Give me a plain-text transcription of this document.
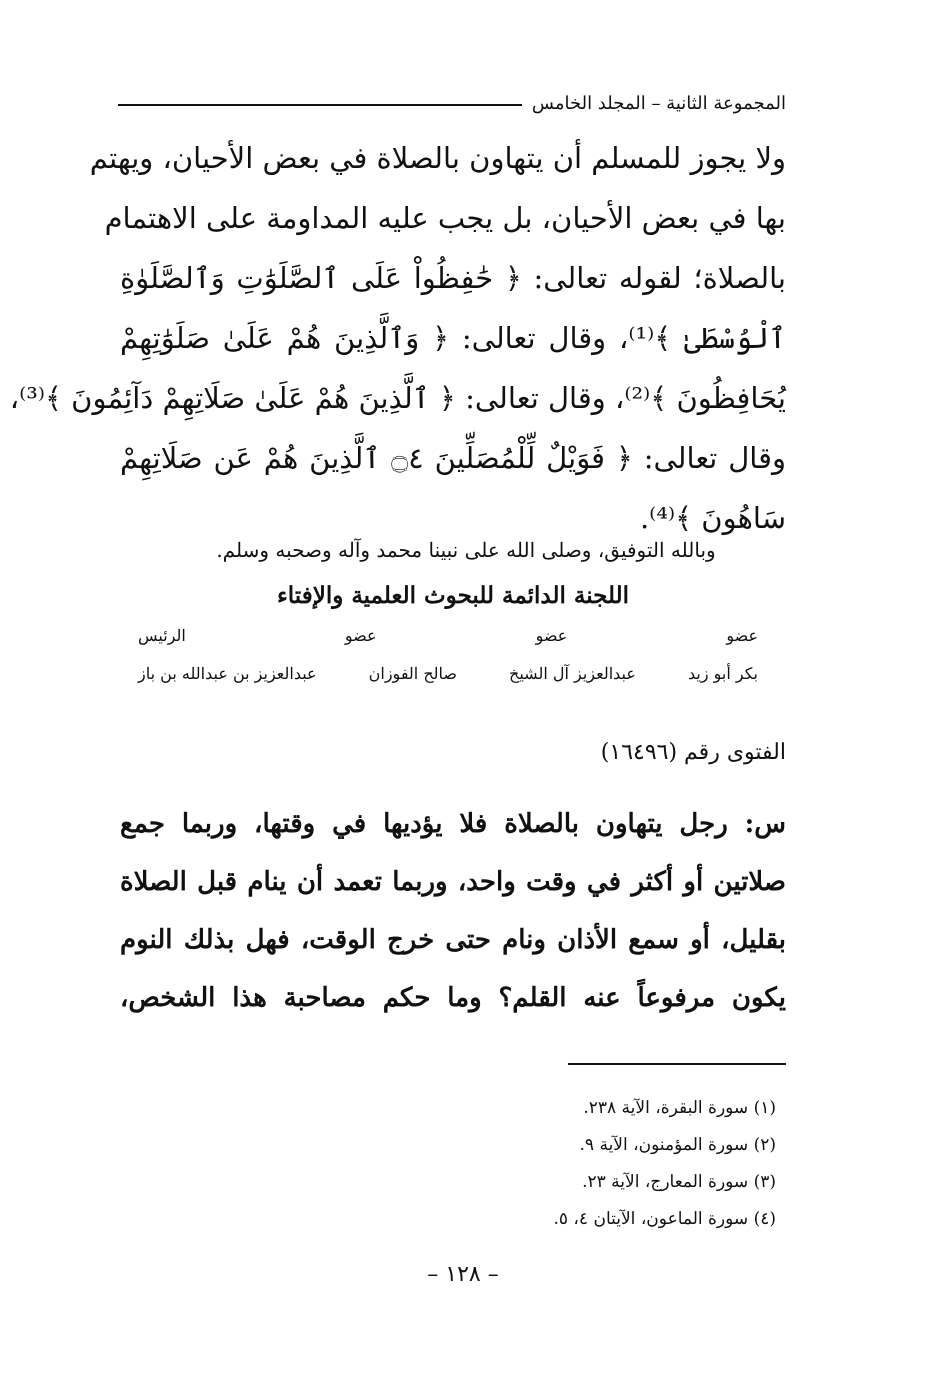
المجموعة الثانية – المجلد الخامس
ولا يجوز للمسلم أن يتهاون بالصلاة في بعض الأحيان، ويهتم
بها في بعض الأحيان، بل يجب عليه المداومة على الاهتمام
بالصلاة؛ لقوله تعالى: ﴿ حَٰفِظُواْ عَلَى ٱلصَّلَوَٰتِ وَٱلصَّلَوٰةِ
ٱلْوُسْطَىٰ ﴾⁽¹⁾، وقال تعالى: ﴿ وَٱلَّذِينَ هُمْ عَلَىٰ صَلَوَٰتِهِمْ
يُحَافِظُونَ ﴾⁽²⁾، وقال تعالى: ﴿ ٱلَّذِينَ هُمْ عَلَىٰ صَلَاتِهِمْ دَآئِمُونَ ﴾⁽³⁾،
وقال تعالى: ﴿ فَوَيْلٌ لِّلْمُصَلِّينَ ۝٤ ٱلَّذِينَ هُمْ عَن صَلَاتِهِمْ
سَاهُونَ ﴾⁽⁴⁾.
وبالله التوفيق، وصلى الله على نبينا محمد وآله وصحبه وسلم.
اللجنة الدائمة للبحوث العلمية والإفتاء
عضو
عضو
عضو
الرئيس
بكر أبو زيد
عبدالعزيز آل الشيخ
صالح الفوزان
عبدالعزيز بن عبدالله بن باز
الفتوى رقم (١٦٤٩٦)
س: رجل يتهاون بالصلاة فلا يؤديها في وقتها، وربما جمع
صلاتين أو أكثر في وقت واحد، وربما تعمد أن ينام قبل الصلاة
بقليل، أو سمع الأذان ونام حتى خرج الوقت، فهل بذلك النوم
يكون مرفوعاً عنه القلم؟ وما حكم مصاحبة هذا الشخص،
(١) سورة البقرة، الآية ٢٣٨.
(٢) سورة المؤمنون، الآية ٩.
(٣) سورة المعارج، الآية ٢٣.
(٤) سورة الماعون، الآيتان ٤، ٥.
– ١٢٨ –
